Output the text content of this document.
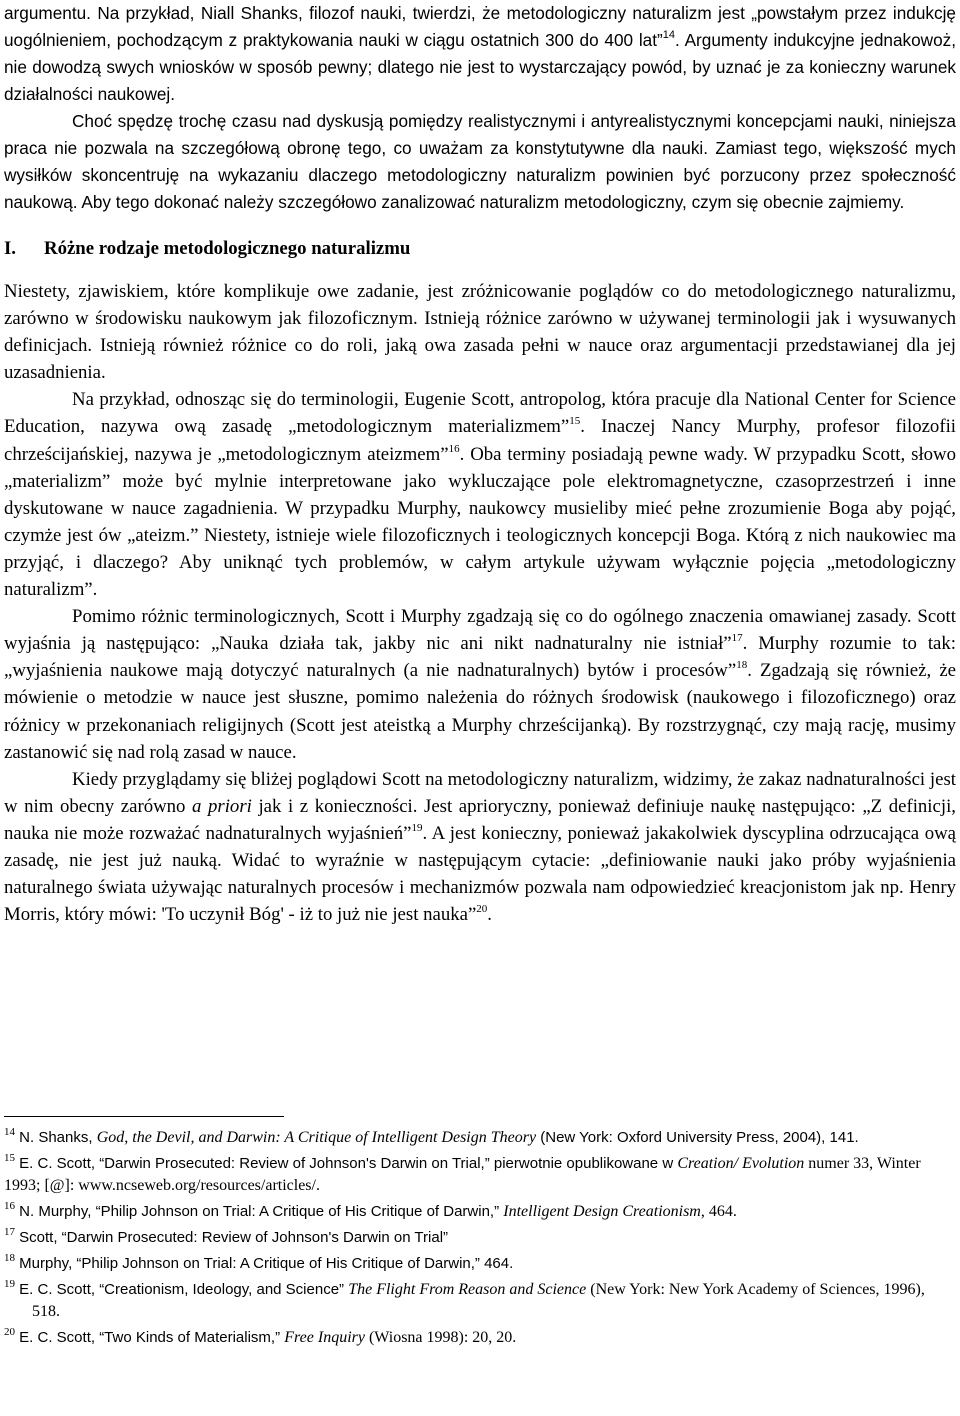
argumentu. Na przykład, Niall Shanks, filozof nauki, twierdzi, że metodologiczny naturalizm jest „powstałym przez indukcję uogólnieniem, pochodzącym z praktykowania nauki w ciągu ostatnich 300 do 400 lat”$^{14}$. Argumenty indukcyjne jednakowoż, nie dowodzą swych wniosków w sposób pewny; dlatego nie jest to wystarczający powód, by uznać je za konieczny warunek działalności naukowej.

Choć spędzę trochę czasu nad dyskusją pomiędzy realistycznymi i antyrealistycznymi koncepcjami nauki, niniejsza praca nie pozwala na szczegółową obronę tego, co uważam za konstytutywne dla nauki. Zamiast tego, większość mych wysiłków skoncentruję na wykazaniu dlaczego metodologiczny naturalizm powinien być porzucony przez społeczność naukową. Aby tego dokonać należy szczegółowo zanalizować naturalizm metodologiczny, czym się obecnie zajmiemy.

I. Różne rodzaje metodologicznego naturalizmu

Niestety, zjawiskiem, które komplikuje owe zadanie, jest zróżnicowanie poglądów co do metodologicznego naturalizmu, zarówno w środowisku naukowym jak filozoficznym. Istnieją różnice zarówno w używanej terminologii jak i wysuwanych definicjach. Istnieją również różnice co do roli, jaką owa zasada pełni w nauce oraz argumentacji przedstawianej dla jej uzasadnienia.

Na przykład, odnosząc się do terminologii, Eugenie Scott, antropolog, która pracuje dla National Center for Science Education, nazywa ową zasadę „metodologicznym materializmem”$^{15}$. Inaczej Nancy Murphy, profesor filozofii chrześcijańskiej, nazywa je „metodologicznym ateizmem”$^{16}$. Oba terminy posiadają pewne wady. W przypadku Scott, słowo „materializm” może być mylnie interpretowane jako wykluczające pole elektromagnetyczne, czasoprzestrzeń i inne dyskutowane w nauce zagadnienia. W przypadku Murphy, naukowcy musieliby mieć pełne zrozumienie Boga aby pojąć, czymże jest ów „ateizm.” Niestety, istnieje wiele filozoficznych i teologicznych koncepcji Boga. Którą z nich naukowiec ma przyjąć, i dlaczego? Aby uniknąć tych problemów, w całym artykule używam wyłącznie pojęcia „metodologiczny naturalizm”.

Pomimo różnic terminologicznych, Scott i Murphy zgadzają się co do ogólnego znaczenia omawianej zasady. Scott wyjaśnia ją następująco: „Nauka działa tak, jakby nic ani nikt nadnaturalny nie istniał”$^{17}$. Murphy rozumie to tak: „wyjaśnienia naukowe mają dotyczyć naturalnych (a nie nadnaturalnych) bytów i procesów”$^{18}$. Zgadzają się również, że mówienie o metodzie w nauce jest słuszne, pomimo należenia do różnych środowisk (naukowego i filozoficznego) oraz różnicy w przekonaniach religijnych (Scott jest ateistką a Murphy chrześcijanką). By rozstrzygnąć, czy mają rację, musimy zastanowić się nad rolą zasad w nauce.

Kiedy przyglądamy się bliżej poglądowi Scott na metodologiczny naturalizm, widzimy, że zakaz nadnaturalności jest w nim obecny zarówno a priori jak i z konieczności. Jest aprioryczny, ponieważ definiuje naukę następująco: „Z definicji, nauka nie może rozważać nadnaturalnych wyjaśnień”$^{19}$. A jest konieczny, ponieważ jakakolwiek dyscyplina odrzucająca ową zasadę, nie jest już nauką. Widać to wyraźnie w następującym cytacie: „definiowanie nauki jako próby wyjaśnienia naturalnego świata używając naturalnych procesów i mechanizmów pozwala nam odpowiedzieć kreacjonistom jak np. Henry Morris, który mówi: 'To uczynił Bóg' - iż to już nie jest nauka”$^{20}$.

$^{14}$ N. Shanks, God, the Devil, and Darwin: A Critique of Intelligent Design Theory (New York: Oxford University Press, 2004), 141.
$^{15}$ E. C. Scott, “Darwin Prosecuted: Review of Johnson's Darwin on Trial,” pierwotnie opublikowane w Creation/ Evolution numer 33, Winter 1993; [@]: www.ncseweb.org/resources/articles/.
$^{16}$ N. Murphy, “Philip Johnson on Trial: A Critique of His Critique of Darwin,” Intelligent Design Creationism, 464.
$^{17}$ Scott, “Darwin Prosecuted: Review of Johnson's Darwin on Trial”
$^{18}$ Murphy, “Philip Johnson on Trial: A Critique of His Critique of Darwin,” 464.
$^{19}$ E. C. Scott, “Creationism, Ideology, and Science” The Flight From Reason and Science (New York: New York Academy of Sciences, 1996), 518.
$^{20}$ E. C. Scott, “Two Kinds of Materialism,” Free Inquiry (Wiosna 1998): 20, 20.
